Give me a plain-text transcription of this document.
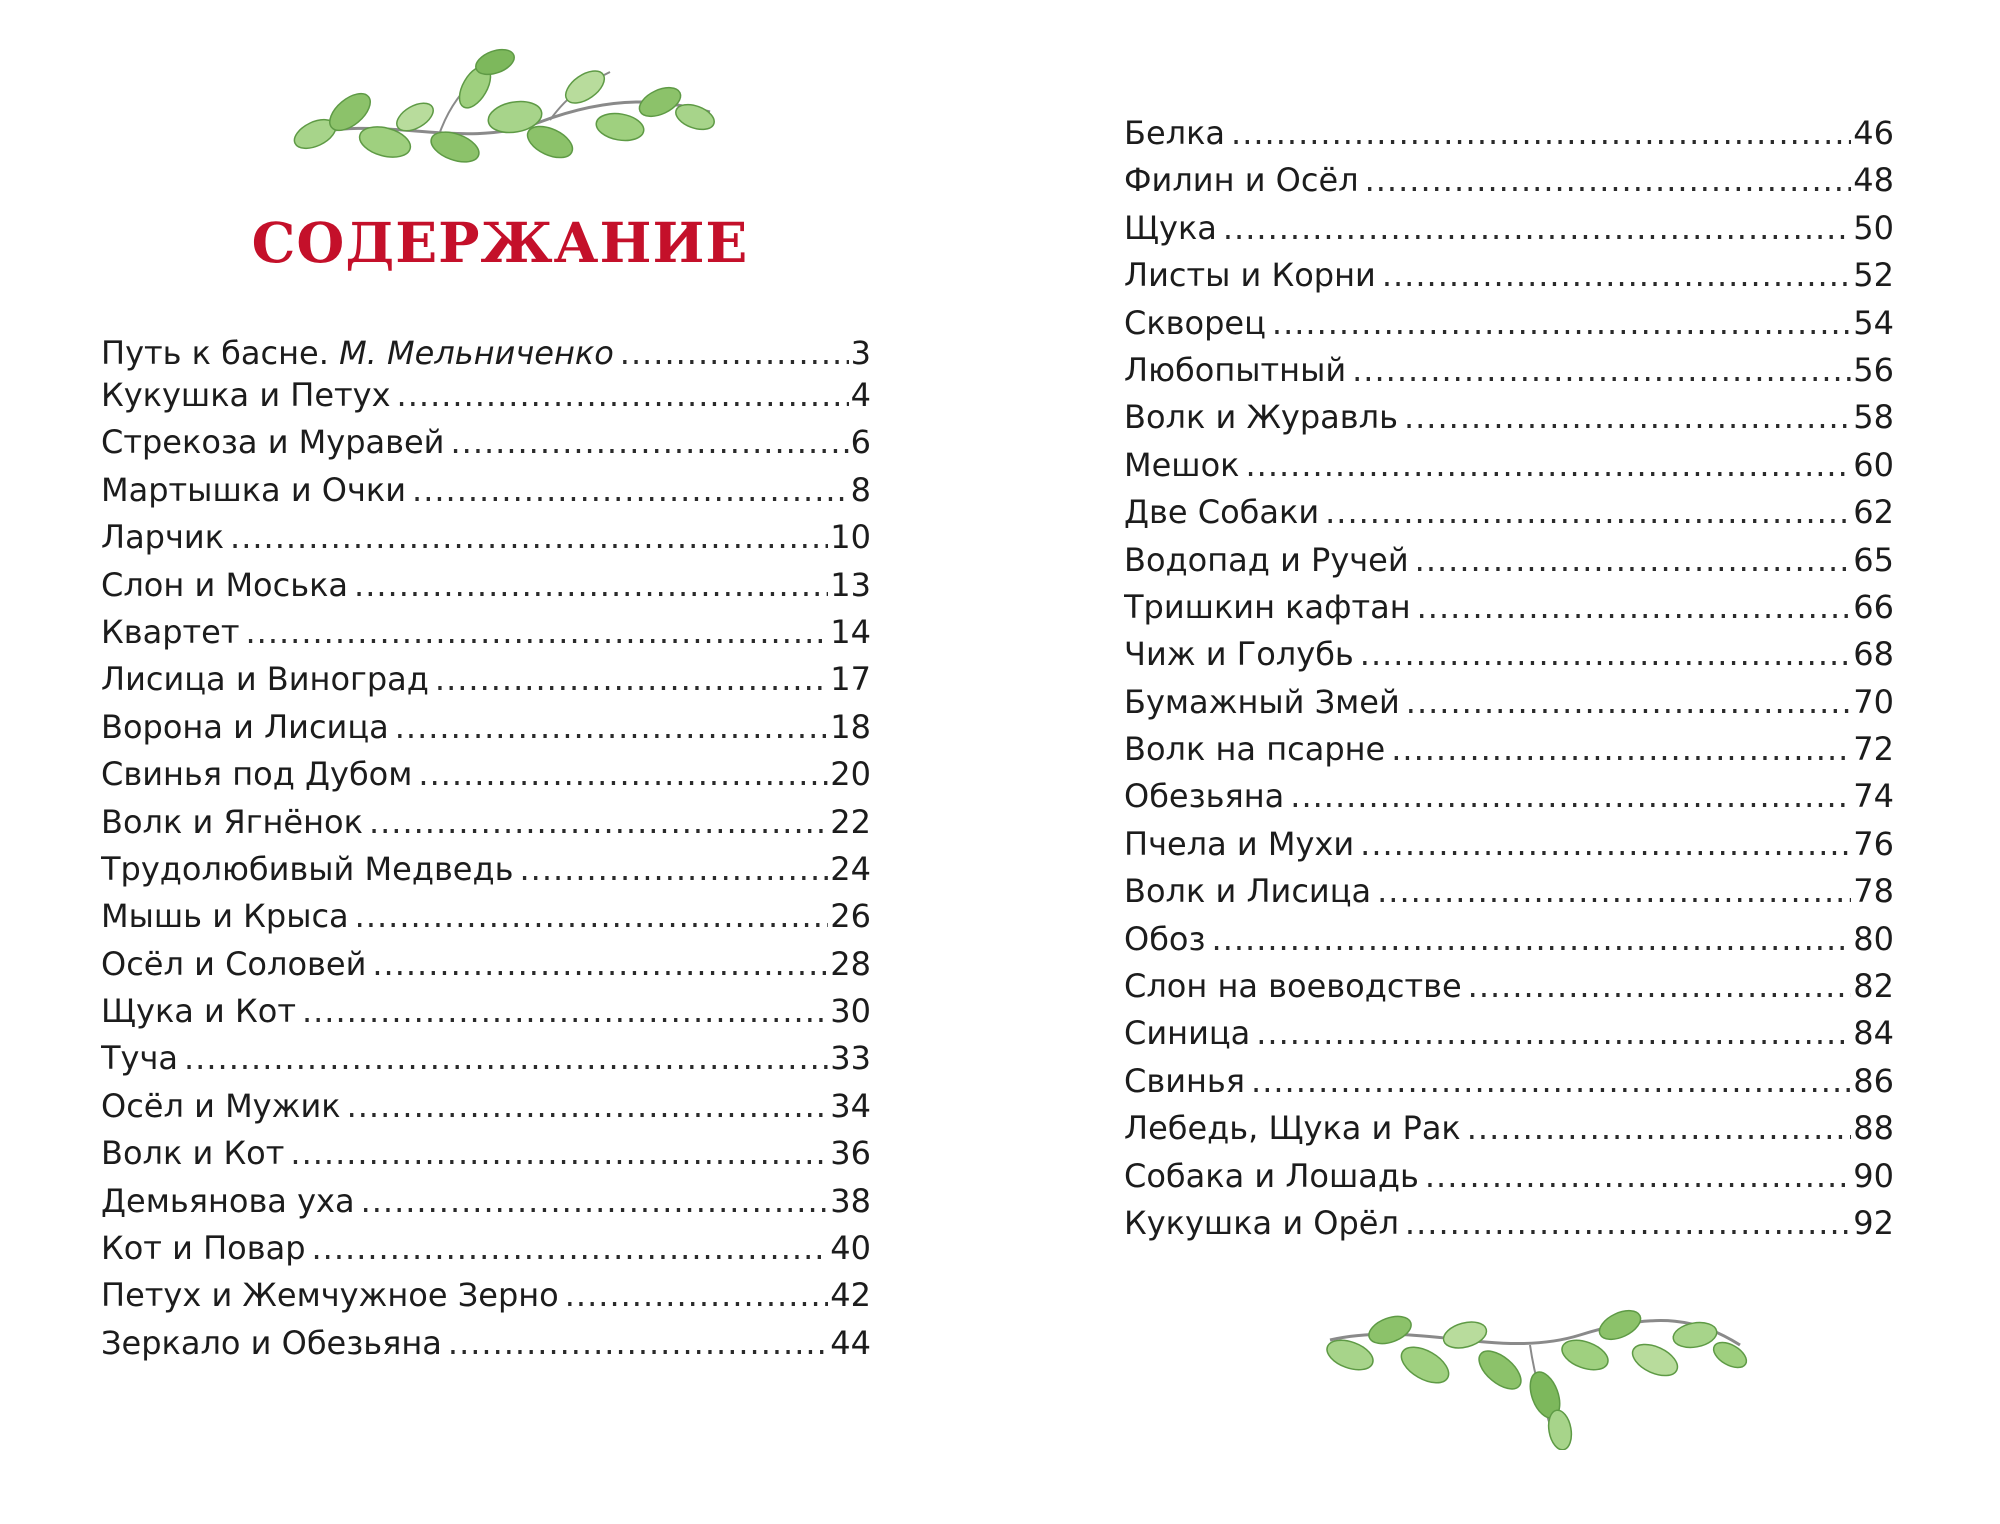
СОДЕРЖАНИЕ
Путь к басне. М. Мельниченко .....	3
Кукушка и Петух .....	4
Стрекоза и Муравей .....	6
Мартышка и Очки .....	8
Ларчик .....	10
Слон и Моська .....	13
Квартет .....	14
Лисица и Виноград .....	17
Ворона и Лисица .....	18
Свинья под Дубом .....	20
Волк и Ягнёнок .....	22
Трудолюбивый Медведь .....	24
Мышь и Крыса .....	26
Осёл и Соловей .....	28
Щука и Кот .....	30
Туча .....	33
Осёл и Мужик .....	34
Волк и Кот .....	36
Демьянова уха .....	38
Кот и Повар .....	40
Петух и Жемчужное Зерно .....	42
Зеркало и Обезьяна .....	44
Белка .....	46
Филин и Осёл .....	48
Щука .....	50
Листы и Корни .....	52
Скворец .....	54
Любопытный .....	56
Волк и Журавль .....	58
Мешок .....	60
Две Собаки .....	62
Водопад и Ручей .....	65
Тришкин кафтан .....	66
Чиж и Голубь .....	68
Бумажный Змей .....	70
Волк на псарне .....	72
Обезьяна .....	74
Пчела и Мухи .....	76
Волк и Лисица .....	78
Обоз .....	80
Слон на воеводстве .....	82
Синица .....	84
Свинья .....	86
Лебедь, Щука и Рак .....	88
Собака и Лошадь .....	90
Кукушка и Орёл .....	92
